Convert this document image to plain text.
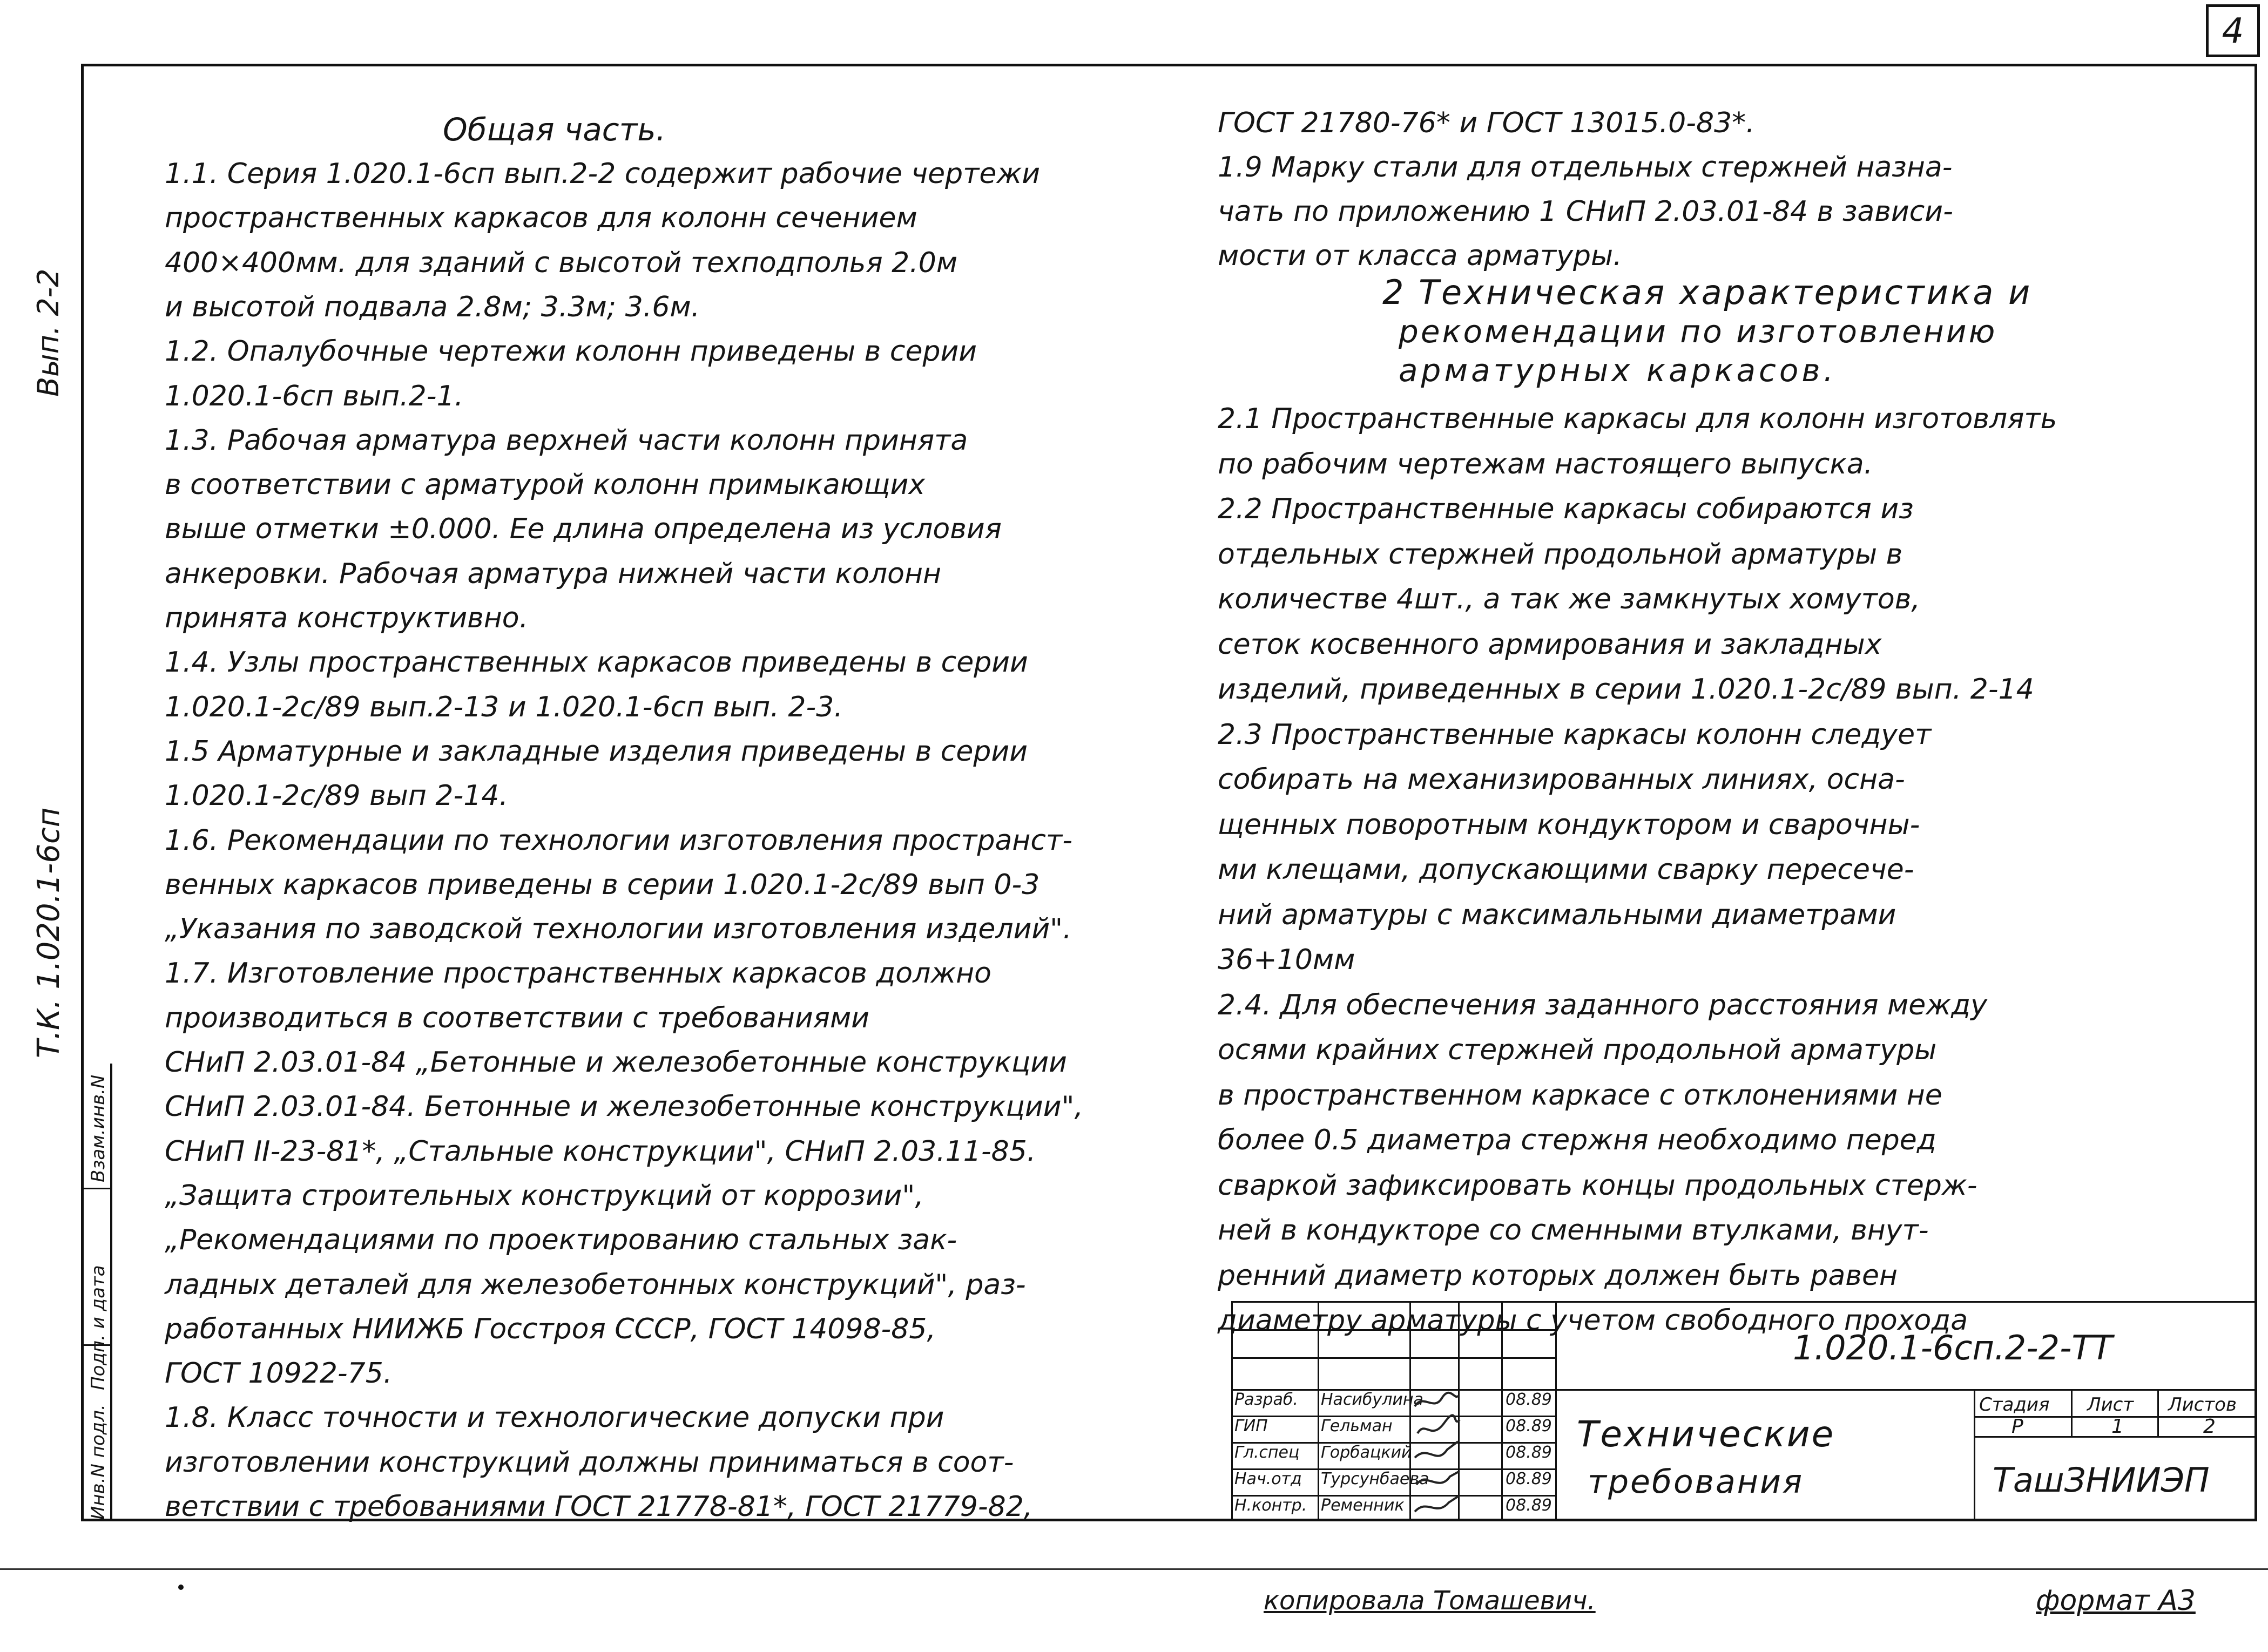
4
Вып. 2-2
Т.К. 1.020.1-6сп
Инв.N подл.
Подп. и дата
Взам.инв.N
Общая часть.
1.1. Серия 1.020.1-6сп вып.2-2 содержит рабочие чертежи
пространственных каркасов для колонн сечением
400×400мм. для зданий с высотой техподполья 2.0м
и высотой подвала 2.8м; 3.3м; 3.6м.
1.2. Опалубочные чертежи колонн приведены в серии
1.020.1-6сп вып.2-1.
1.3. Рабочая арматура верхней части колонн принята
в соответствии с арматурой колонн примыкающих
выше отметки ±0.000. Ее длина определена из условия
анкеровки. Рабочая арматура нижней части колонн
принята конструктивно.
1.4. Узлы пространственных каркасов приведены в серии
1.020.1-2с/89 вып.2-13 и 1.020.1-6сп вып. 2-3.
1.5 Арматурные и закладные изделия приведены в серии
1.020.1-2с/89 вып 2-14.
1.6. Рекомендации по технологии изготовления пространст-
венных каркасов приведены в серии 1.020.1-2с/89 вып 0-3
„Указания по заводской технологии изготовления изделий".
1.7. Изготовление пространственных каркасов должно
производиться в соответствии с требованиями
СНиП 2.03.01-84 „Бетонные и железобетонные конструкции
СНиП 2.03.01-84. Бетонные и железобетонные конструкции",
СНиП II-23-81*, „Стальные конструкции", СНиП 2.03.11-85.
„Защита строительных конструкций от коррозии",
„Рекомендациями по проектированию стальных зак-
ладных деталей для железобетонных конструкций", раз-
работанных НИИЖБ Госстроя СССР, ГОСТ 14098-85,
ГОСТ 10922-75.
1.8. Класс точности и технологические допуски при
изготовлении конструкций должны приниматься в соот-
ветствии с требованиями ГОСТ 21778-81*, ГОСТ 21779-82,
ГОСТ 21780-76* и ГОСТ 13015.0-83*.
1.9 Марку стали для отдельных стержней назна-
чать по приложению 1 СНиП 2.03.01-84 в зависи-
мости от класса арматуры.
2 Техническая характеристика и
рекомендации по изготовлению
арматурных каркасов.
2.1 Пространственные каркасы для колонн изготовлять
по рабочим чертежам настоящего выпуска.
2.2 Пространственные каркасы собираются из
отдельных стержней продольной арматуры в
количестве 4шт., а так же замкнутых хомутов,
сеток косвенного армирования и закладных
изделий, приведенных в серии 1.020.1-2с/89 вып. 2-14
2.3 Пространственные каркасы колонн следует
собирать на механизированных линиях, осна-
щенных поворотным кондуктором и сварочны-
ми клещами, допускающими сварку пересече-
ний арматуры с максимальными диаметрами
36+10мм
2.4. Для обеспечения заданного расстояния между
осями крайних стержней продольной арматуры
в пространственном каркасе с отклонениями не
более 0.5 диаметра стержня необходимо перед
сваркой зафиксировать концы продольных стерж-
ней в кондукторе со сменными втулками, внут-
ренний диаметр которых должен быть равен
диаметру арматуры с учетом свободного прохода
1.020.1-6сп.2-2-ТТ
Разраб. Насибулина	08.89
ГИП	Гельман	08.89
Гл.спец Горбацкий	08.89
Нач.отд Турсунбаева	08.89
Н.контр. Ременник	08.89
Технические
требования
Стадия Лист Листов
Р	1	2
ТашЗНИИЭП
копировала Томашевич.	формат А3
